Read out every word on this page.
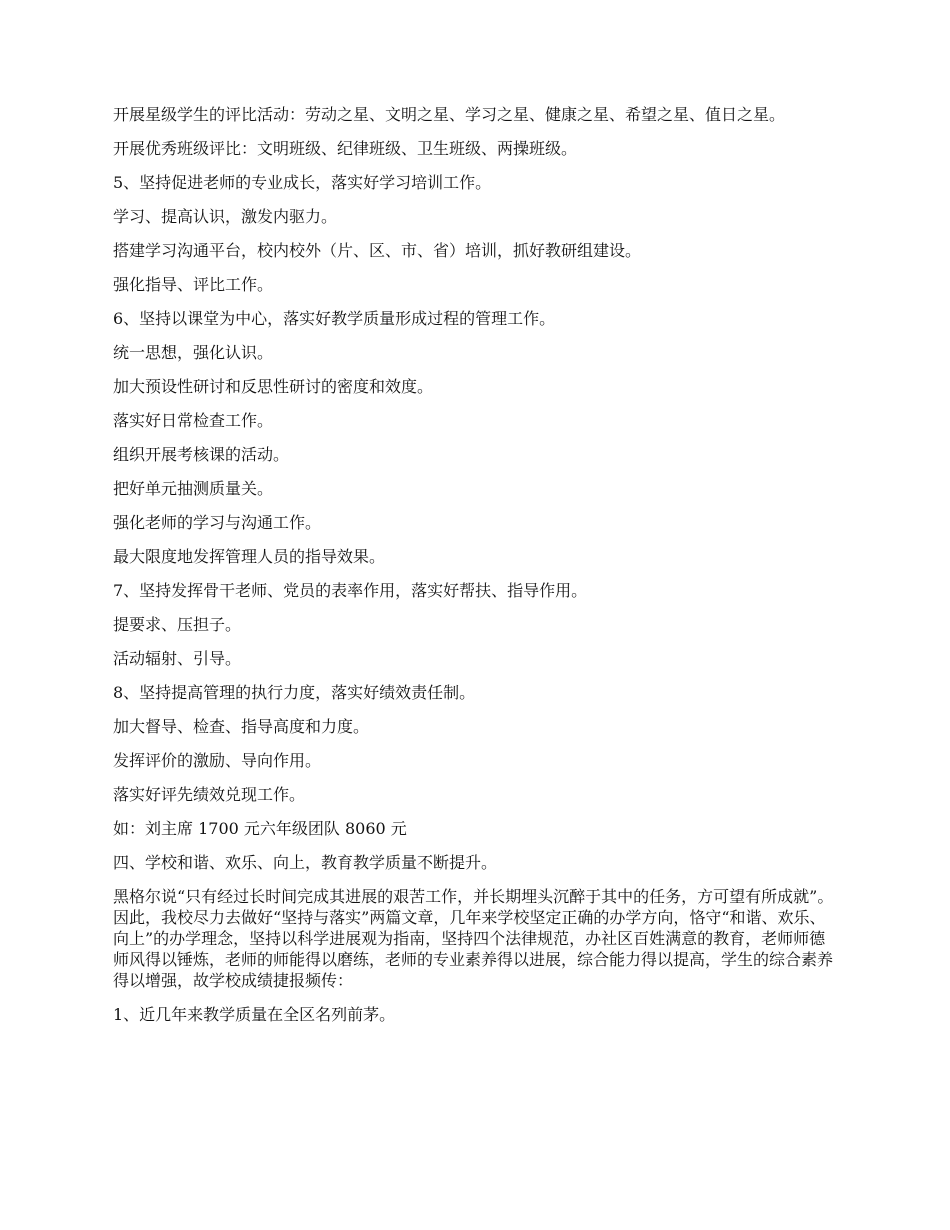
开展星级学生的评比活动：劳动之星、文明之星、学习之星、健康之星、希望之星、值日之星。

开展优秀班级评比：文明班级、纪律班级、卫生班级、两操班级。

5、坚持促进老师的专业成长，落实好学习培训工作。

学习、提高认识，激发内驱力。

搭建学习沟通平台，校内校外（片、区、市、省）培训，抓好教研组建设。

强化指导、评比工作。

6、坚持以课堂为中心，落实好教学质量形成过程的管理工作。

统一思想，强化认识。

加大预设性研讨和反思性研讨的密度和效度。

落实好日常检查工作。

组织开展考核课的活动。

把好单元抽测质量关。

强化老师的学习与沟通工作。

最大限度地发挥管理人员的指导效果。

7、坚持发挥骨干老师、党员的表率作用，落实好帮扶、指导作用。

提要求、压担子。

活动辐射、引导。

8、坚持提高管理的执行力度，落实好绩效责任制。

加大督导、检查、指导高度和力度。

发挥评价的激励、导向作用。

落实好评先绩效兑现工作。

如：刘主席 1700 元六年级团队 8060 元

四、学校和谐、欢乐、向上，教育教学质量不断提升。

黑格尔说“只有经过长时间完成其进展的艰苦工作，并长期埋头沉醉于其中的任务，方可望有所成就”。因此，我校尽力去做好“坚持与落实”两篇文章，几年来学校坚定正确的办学方向，恪守“和谐、欢乐、向上”的办学理念，坚持以科学进展观为指南，坚持四个法律规范，办社区百姓满意的教育，老师师德师风得以锤炼，老师的师能得以磨练，老师的专业素养得以进展，综合能力得以提高，学生的综合素养得以增强，故学校成绩捷报频传：

1、近几年来教学质量在全区名列前茅。
